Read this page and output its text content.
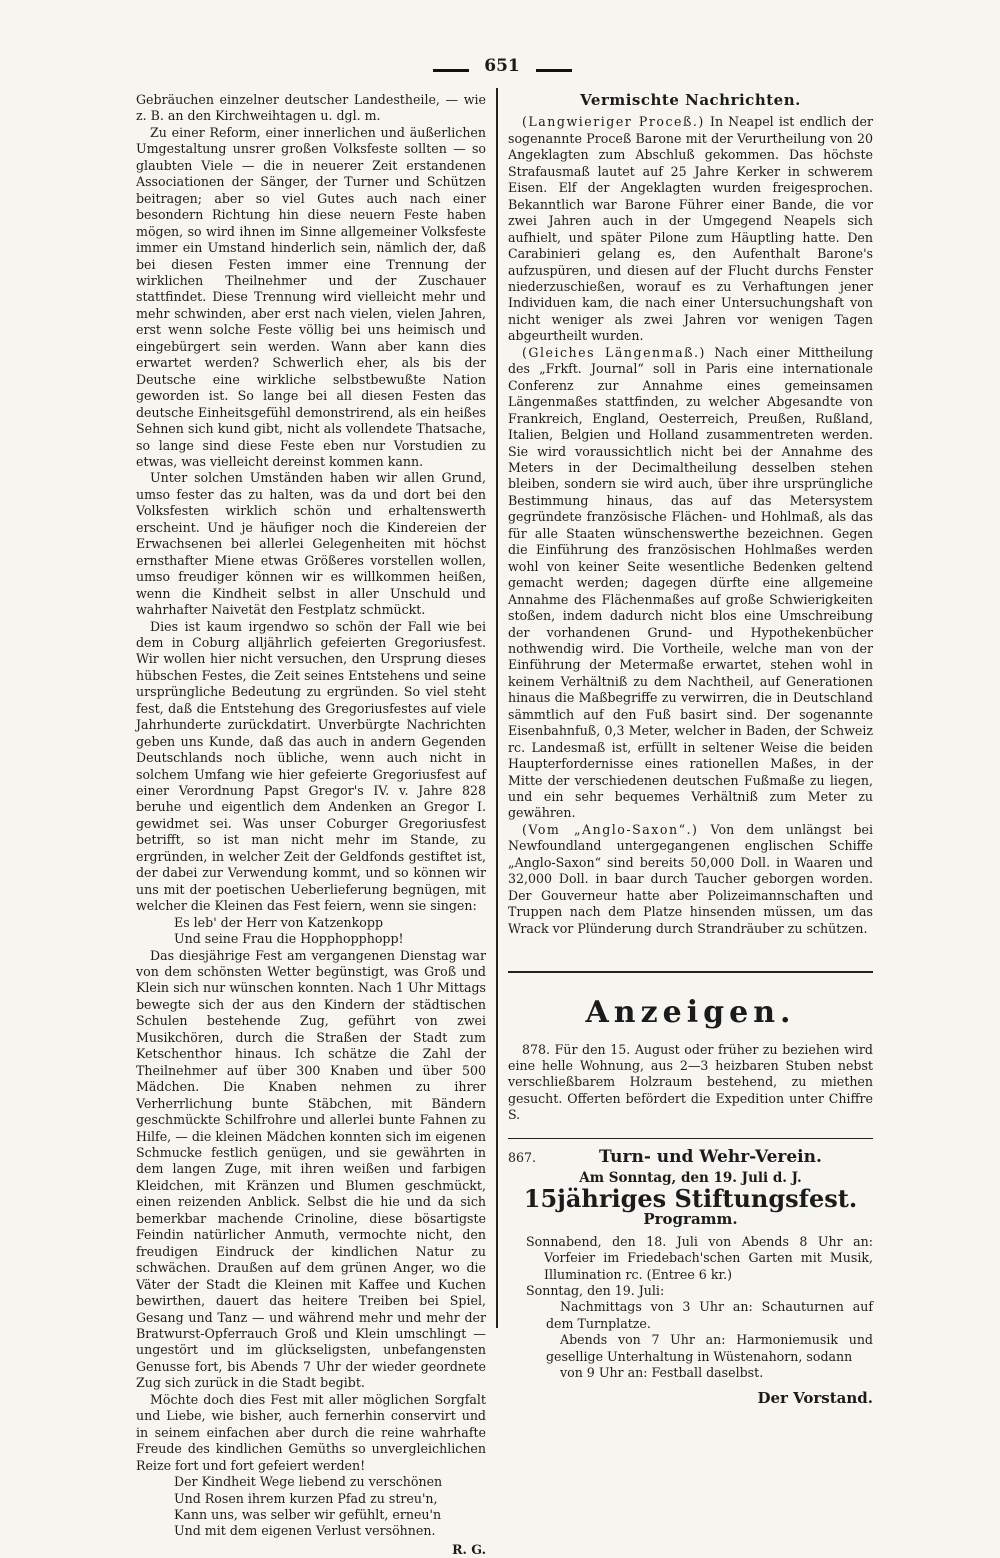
651

Gebräuchen einzelner deutscher Landestheile, — wie z. B. an den Kirchweihtagen u. dgl. m.

Zu einer Reform, einer innerlichen und äußerlichen Umgestaltung unsrer großen Volksfeste sollten — so glaubten Viele — die in neuerer Zeit erstandenen Associationen der Sänger, der Turner und Schützen beitragen; aber so viel Gutes auch nach einer besondern Richtung hin diese neuern Feste haben mögen, so wird ihnen im Sinne allgemeiner Volksfeste immer ein Umstand hinderlich sein, nämlich der, daß bei diesen Festen immer eine Trennung der wirklichen Theilnehmer und der Zuschauer stattfindet. Diese Trennung wird vielleicht mehr und mehr schwinden, aber erst nach vielen, vielen Jahren, erst wenn solche Feste völlig bei uns heimisch und eingebürgert sein werden. Wann aber kann dies erwartet werden? Schwerlich eher, als bis der Deutsche eine wirkliche selbstbewußte Nation geworden ist. So lange bei all diesen Festen das deutsche Einheitsgefühl demonstrirend, als ein heißes Sehnen sich kund gibt, nicht als vollendete Thatsache, so lange sind diese Feste eben nur Vorstudien zu etwas, was vielleicht dereinst kommen kann.

Unter solchen Umständen haben wir allen Grund, umso fester das zu halten, was da und dort bei den Volksfesten wirklich schön und erhaltenswerth erscheint. Und je häufiger noch die Kindereien der Erwachsenen bei allerlei Gelegenheiten mit höchst ernsthafter Miene etwas Größeres vorstellen wollen, umso freudiger können wir es willkommen heißen, wenn die Kindheit selbst in aller Unschuld und wahrhafter Naivetät den Festplatz schmückt.

Dies ist kaum irgendwo so schön der Fall wie bei dem in Coburg alljährlich gefeierten Gregoriusfest. Wir wollen hier nicht versuchen, den Ursprung dieses hübschen Festes, die Zeit seines Entstehens und seine ursprüngliche Bedeutung zu ergründen. So viel steht fest, daß die Entstehung des Gregoriusfestes auf viele Jahrhunderte zurückdatirt. Unverbürgte Nachrichten geben uns Kunde, daß das auch in andern Gegenden Deutschlands noch übliche, wenn auch nicht in solchem Umfang wie hier gefeierte Gregoriusfest auf einer Verordnung Papst Gregor's IV. v. Jahre 828 beruhe und eigentlich dem Andenken an Gregor I. gewidmet sei. Was unser Coburger Gregoriusfest betrifft, so ist man nicht mehr im Stande, zu ergründen, in welcher Zeit der Geldfonds gestiftet ist, der dabei zur Verwendung kommt, und so können wir uns mit der poetischen Ueberlieferung begnügen, mit welcher die Kleinen das Fest feiern, wenn sie singen:

Es leb' der Herr von Katzenkopp
Und seine Frau die Hopphopphopp!

Das diesjährige Fest am vergangenen Dienstag war von dem schönsten Wetter begünstigt, was Groß und Klein sich nur wünschen konnten. Nach 1 Uhr Mittags bewegte sich der aus den Kindern der städtischen Schulen bestehende Zug, geführt von zwei Musikchören, durch die Straßen der Stadt zum Ketschenthor hinaus. Ich schätze die Zahl der Theilnehmer auf über 300 Knaben und über 500 Mädchen. Die Knaben nehmen zu ihrer Verherrlichung bunte Stäbchen, mit Bändern geschmückte Schilfrohre und allerlei bunte Fahnen zu Hilfe, — die kleinen Mädchen konnten sich im eigenen Schmucke festlich genügen, und sie gewährten in dem langen Zuge, mit ihren weißen und farbigen Kleidchen, mit Kränzen und Blumen geschmückt, einen reizenden Anblick. Selbst die hie und da sich bemerkbar machende Crinoline, diese bösartigste Feindin natürlicher Anmuth, vermochte nicht, den freudigen Eindruck der kindlichen Natur zu schwächen. Draußen auf dem grünen Anger, wo die Väter der Stadt die Kleinen mit Kaffee und Kuchen bewirthen, dauert das heitere Treiben bei Spiel, Gesang und Tanz — und während mehr und mehr der Bratwurst-Opferrauch Groß und Klein umschlingt — ungestört und im glückseligsten, unbefangensten Genusse fort, bis Abends 7 Uhr der wieder geordnete Zug sich zurück in die Stadt begibt.

Möchte doch dies Fest mit aller möglichen Sorgfalt und Liebe, wie bisher, auch fernerhin conservirt und in seinem einfachen aber durch die reine wahrhafte Freude des kindlichen Gemüths so unvergleichlichen Reize fort und fort gefeiert werden!

Der Kindheit Wege liebend zu verschönen
Und Rosen ihrem kurzen Pfad zu streu'n,
Kann uns, was selber wir gefühlt, erneu'n
Und mit dem eigenen Verlust versöhnen.
R. G.
Vermischte Nachrichten.

(Langwieriger Proceß.) In Neapel ist endlich der sogenannte Proceß Barone mit der Verurtheilung von 20 Angeklagten zum Abschluß gekommen. Das höchste Strafausmaß lautet auf 25 Jahre Kerker in schwerem Eisen. Elf der Angeklagten wurden freigesprochen. Bekanntlich war Barone Führer einer Bande, die vor zwei Jahren auch in der Umgegend Neapels sich aufhielt, und später Pilone zum Häuptling hatte. Den Carabinieri gelang es, den Aufenthalt Barone's aufzuspüren, und diesen auf der Flucht durchs Fenster niederzuschießen, worauf es zu Verhaftungen jener Individuen kam, die nach einer Untersuchungshaft von nicht weniger als zwei Jahren vor wenigen Tagen abgeurtheilt wurden.

(Gleiches Längenmaß.) Nach einer Mittheilung des „Frkft. Journal“ soll in Paris eine internationale Conferenz zur Annahme eines gemeinsamen Längenmaßes stattfinden, zu welcher Abgesandte von Frankreich, England, Oesterreich, Preußen, Rußland, Italien, Belgien und Holland zusammentreten werden. Sie wird voraussichtlich nicht bei der Annahme des Meters in der Decimaltheilung desselben stehen bleiben, sondern sie wird auch, über ihre ursprüngliche Bestimmung hinaus, das auf das Metersystem gegründete französische Flächen- und Hohlmaß, als das für alle Staaten wünschenswerthe bezeichnen. Gegen die Einführung des französischen Hohlmaßes werden wohl von keiner Seite wesentliche Bedenken geltend gemacht werden; dagegen dürfte eine allgemeine Annahme des Flächenmaßes auf große Schwierigkeiten stoßen, indem dadurch nicht blos eine Umschreibung der vorhandenen Grund- und Hypothekenbücher nothwendig wird. Die Vortheile, welche man von der Einführung der Metermaße erwartet, stehen wohl in keinem Verhältniß zu dem Nachtheil, auf Generationen hinaus die Maßbegriffe zu verwirren, die in Deutschland sämmtlich auf den Fuß basirt sind. Der sogenannte Eisenbahnfuß, 0,3 Meter, welcher in Baden, der Schweiz rc. Landesmaß ist, erfüllt in seltener Weise die beiden Haupterfordernisse eines rationellen Maßes, in der Mitte der verschiedenen deutschen Fußmaße zu liegen, und ein sehr bequemes Verhältniß zum Meter zu gewähren.

(Vom „Anglo-Saxon“.) Von dem unlängst bei Newfoundland untergegangenen englischen Schiffe „Anglo-Saxon“ sind bereits 50,000 Doll. in Waaren und 32,000 Doll. in baar durch Taucher geborgen worden. Der Gouverneur hatte aber Polizeimannschaften und Truppen nach dem Platze hinsenden müssen, um das Wrack vor Plünderung durch Strandräuber zu schützen.

Anzeigen.

878. Für den 15. August oder früher zu beziehen wird eine helle Wohnung, aus 2—3 heizbaren Stuben nebst verschließbarem Holzraum bestehend, zu miethen gesucht. Offerten befördert die Expedition unter Chiffre S.

867.	Turn- und Wehr-Verein.
Am Sonntag, den 19. Juli d. J.
15jähriges Stiftungsfest.
Programm.

Sonnabend, den 18. Juli von Abends 8 Uhr an: Vorfeier im Friedebach'schen Garten mit Musik, Illumination rc. (Entree 6 kr.)

Sonntag, den 19. Juli:

Nachmittags von 3 Uhr an: Schauturnen auf dem Turnplatze.

Abends von 7 Uhr an: Harmoniemusik und gesellige Unterhaltung in Wüstenahorn, sodann

von 9 Uhr an: Festball daselbst.

Der Vorstand.
